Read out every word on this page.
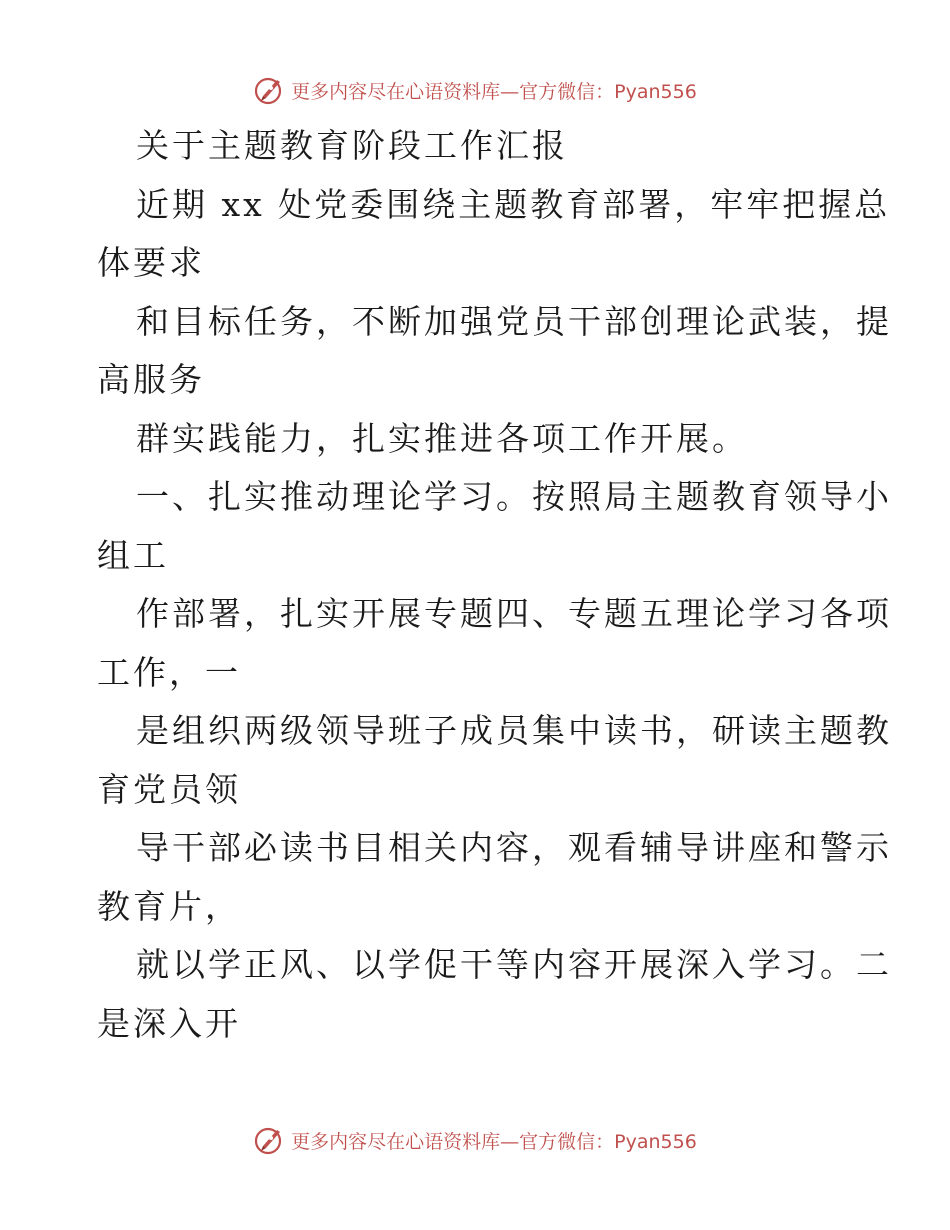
更多内容尽在心语资料库—官方微信：Pyan556
关于主题教育阶段工作汇报
近期 xx 处党委围绕主题教育部署，牢牢把握总
体要求
和目标任务，不断加强党员干部创理论武装，提
高服务
群实践能力，扎实推进各项工作开展。
一、扎实推动理论学习。按照局主题教育领导小
组工
作部署，扎实开展专题四、专题五理论学习各项
工作，一
是组织两级领导班子成员集中读书，研读主题教
育党员领
导干部必读书目相关内容，观看辅导讲座和警示
教育片，
就以学正风、以学促干等内容开展深入学习。二
是深入开
更多内容尽在心语资料库—官方微信：Pyan556
